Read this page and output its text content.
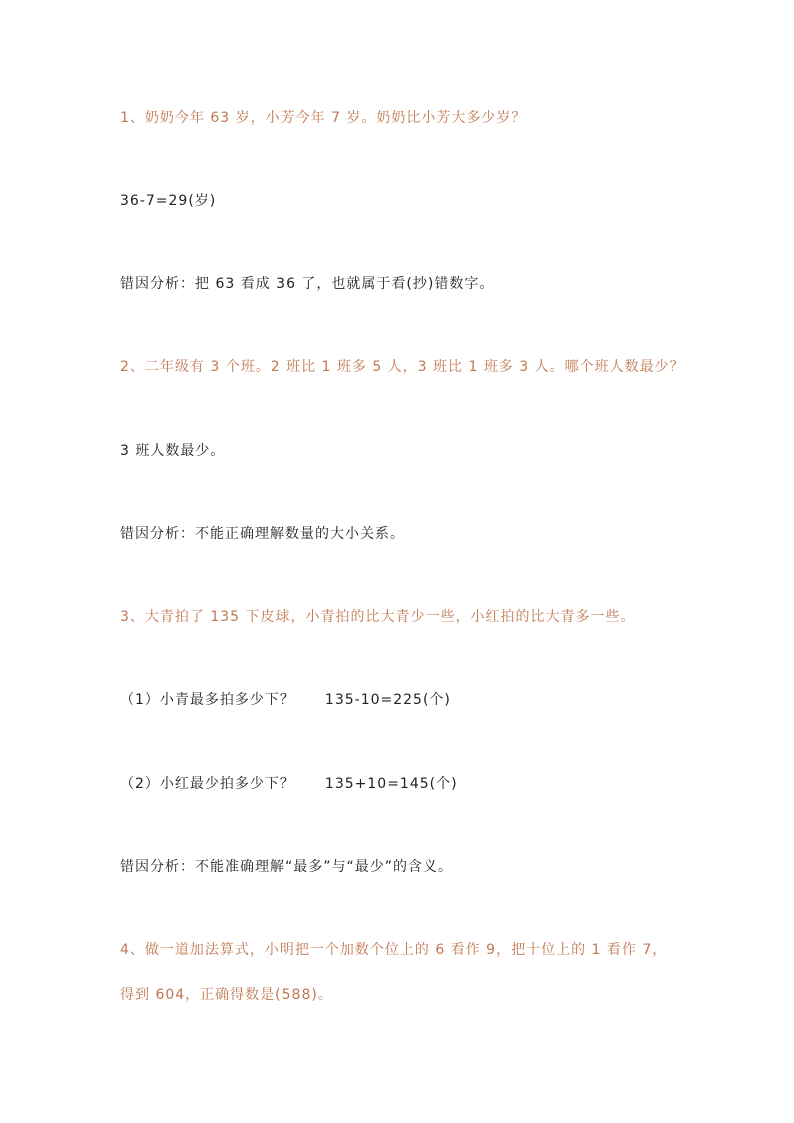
1、奶奶今年 63 岁，小芳今年 7 岁。奶奶比小芳大多少岁？
36-7=29(岁)
错因分析：把 63 看成 36 了，也就属于看(抄)错数字。
2、二年级有 3 个班。2 班比 1 班多 5 人，3 班比 1 班多 3 人。哪个班人数最少？
3 班人数最少。
错因分析：不能正确理解数量的大小关系。
3、大青拍了 135 下皮球，小青拍的比大青少一些，小红拍的比大青多一些。
（1）小青最多拍多少下？ 135-10=225(个)
（2）小红最少拍多少下？ 135+10=145(个)
错因分析：不能准确理解“最多”与“最少”的含义。
4、做一道加法算式，小明把一个加数个位上的 6 看作 9，把十位上的 1 看作 7，
得到 604，正确得数是(588)。
